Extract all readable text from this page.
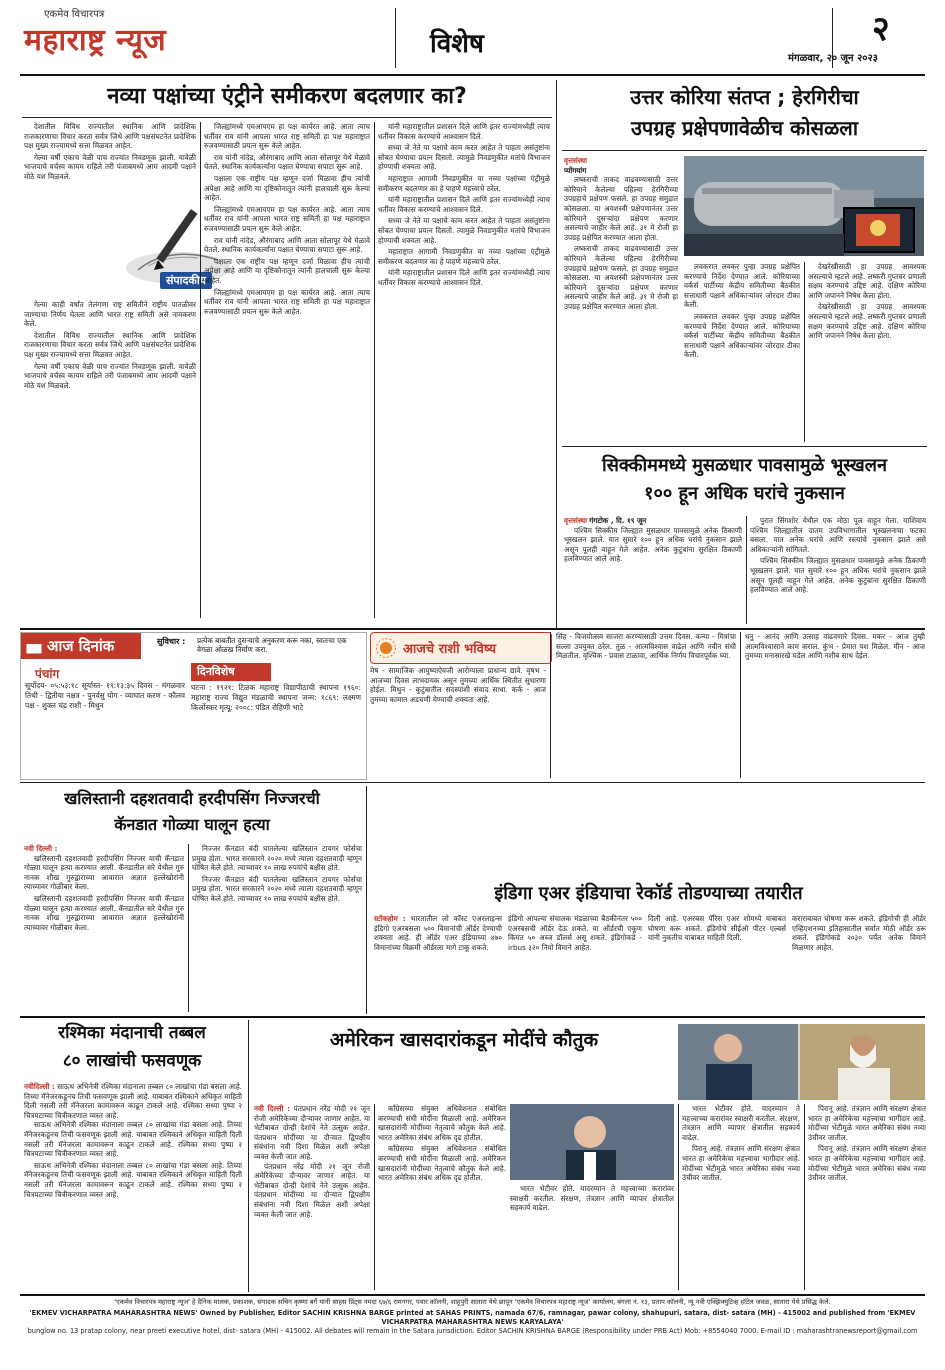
एकमेव विचारपत्र
महाराष्ट्र न्यूज	विशेष	२
मंगळवार, २० जून २०२३
नव्या पक्षांच्या एंट्रीने समीकरण बदलणार का?

देशातील विविध राज्यातील स्थानिक आणि प्रादेशिक राजकारणाचा विचार करता सर्वत्र जिथे आणि पक्षसंघटनेत प्रादेशिक पक्ष मुख्य राज्यामध्ये सत्ता मिळवत आहेत.

गेल्या वर्षी एकाच वेळी पाच राज्यांत निवडणूक झाली. यावेळी भाजपाचे वर्चस्व कायम राहिले तरी पंजाबमध्ये आम आदमी पक्षाने मोठे यश मिळवले.

संपादकीय

गेल्या काही वर्षांत तेलंगणा राष्ट्र समितीने राष्ट्रीय पातळीवर जाण्याचा निर्णय घेतला आणि भारत राष्ट्र समिती असे नामकरण केले.

देशातील विविध राज्यातील स्थानिक आणि प्रादेशिक राजकारणाचा विचार करता सर्वत्र जिथे आणि पक्षसंघटनेत प्रादेशिक पक्ष मुख्य राज्यामध्ये सत्ता मिळवत आहेत.

गेल्या वर्षी एकाच वेळी पाच राज्यांत निवडणूक झाली. यावेळी भाजपाचे वर्चस्व कायम राहिले तरी पंजाबमध्ये आम आदमी पक्षाने मोठे यश मिळवले.

जिल्ह्यांमध्ये एमआयएम हा पक्ष कार्यरत आहे. आता त्याच धर्तीवर राव यांनी आपला भारत राष्ट्र समिती हा पक्ष महाराष्ट्रात रुजवण्यासाठी प्रयत्न सुरू केले आहेत.

राव यांनी नांदेड, औरंगाबाद आणि आता सोलापूर येथे मेळावे घेतले. स्थानिक कार्यकर्त्यांना पक्षात घेण्याचा सपाटा सुरू आहे.

पक्षाला एक राष्ट्रीय पक्ष म्हणून दर्जा मिळावा हीच त्यांची अपेक्षा आहे आणि या दृष्टिकोनातून त्यांनी हालचाली सुरू केल्या आहेत.

जिल्ह्यांमध्ये एमआयएम हा पक्ष कार्यरत आहे. आता त्याच धर्तीवर राव यांनी आपला भारत राष्ट्र समिती हा पक्ष महाराष्ट्रात रुजवण्यासाठी प्रयत्न सुरू केले आहेत.

राव यांनी नांदेड, औरंगाबाद आणि आता सोलापूर येथे मेळावे घेतले. स्थानिक कार्यकर्त्यांना पक्षात घेण्याचा सपाटा सुरू आहे.

पक्षाला एक राष्ट्रीय पक्ष म्हणून दर्जा मिळावा हीच त्यांची अपेक्षा आहे आणि या दृष्टिकोनातून त्यांनी हालचाली सुरू केल्या आहेत.

जिल्ह्यांमध्ये एमआयएम हा पक्ष कार्यरत आहे. आता त्याच धर्तीवर राव यांनी आपला भारत राष्ट्र समिती हा पक्ष महाराष्ट्रात रुजवण्यासाठी प्रयत्न सुरू केले आहेत.

यांनी महाराष्ट्रातील प्रशासन दिले आणि इतर राज्यांमध्येही त्याच धर्तीवर विकास करण्याचे आश्वासन दिले.

सध्या जे नेते या पक्षाचे काम करत आहेत ते पाहता असंतुष्टांना सोबत घेण्याचा प्रयत्न दिसतो. त्यामुळे निवडणुकीत मतांचे विभाजन होण्याची शक्यता आहे.

महाराष्ट्रात आगामी निवडणुकीत या नव्या पक्षांच्या एंट्रीमुळे समीकरण बदलणार का हे पाहणे महत्त्वाचे ठरेल.

यांनी महाराष्ट्रातील प्रशासन दिले आणि इतर राज्यांमध्येही त्याच धर्तीवर विकास करण्याचे आश्वासन दिले.

सध्या जे नेते या पक्षाचे काम करत आहेत ते पाहता असंतुष्टांना सोबत घेण्याचा प्रयत्न दिसतो. त्यामुळे निवडणुकीत मतांचे विभाजन होण्याची शक्यता आहे.

महाराष्ट्रात आगामी निवडणुकीत या नव्या पक्षांच्या एंट्रीमुळे समीकरण बदलणार का हे पाहणे महत्त्वाचे ठरेल.

यांनी महाराष्ट्रातील प्रशासन दिले आणि इतर राज्यांमध्येही त्याच धर्तीवर विकास करण्याचे आश्वासन दिले.

उत्तर कोरिया संतप्त ; हेरगिरीचा
उपग्रह प्रक्षेपणावेळीच कोसळला
वृत्तसंस्था
प्योंगयांग

लष्कराची ताकद वाढवण्यासाठी उत्तर कोरियाने केलेल्या पहिल्या हेरगिरीच्या उपग्रहाचे प्रक्षेपण फसले. हा उपग्रह समुद्रात कोसळला. या अयशस्वी प्रक्षेपणानंतर उत्तर कोरियाने दुसऱ्यांदा प्रक्षेपण करणार असल्याचे जाहीर केले आहे. ३१ मे रोजी हा उपग्रह प्रक्षेपित करण्यात आला होता.

लष्कराची ताकद वाढवण्यासाठी उत्तर कोरियाने केलेल्या पहिल्या हेरगिरीच्या उपग्रहाचे प्रक्षेपण फसले. हा उपग्रह समुद्रात कोसळला. या अयशस्वी प्रक्षेपणानंतर उत्तर कोरियाने दुसऱ्यांदा प्रक्षेपण करणार असल्याचे जाहीर केले आहे. ३१ मे रोजी हा उपग्रह प्रक्षेपित करण्यात आला होता.

लवकरात लवकर पुन्हा उपग्रह प्रक्षेपित करण्याचे निर्देश देण्यात आले. कोरियाच्या वर्कर्स पार्टीच्या केंद्रीय समितीच्या बैठकीत सत्ताधारी पक्षाने अधिकाऱ्यांवर जोरदार टीका केली.

लवकरात लवकर पुन्हा उपग्रह प्रक्षेपित करण्याचे निर्देश देण्यात आले. कोरियाच्या वर्कर्स पार्टीच्या केंद्रीय समितीच्या बैठकीत सत्ताधारी पक्षाने अधिकाऱ्यांवर जोरदार टीका केली.

देखरेखीसाठी हा उपग्रह आवश्यक असल्याचे म्हटले आहे. लष्करी गुप्तचर प्रणाली सक्षम करण्याचे उद्दिष्ट आहे. दक्षिण कोरिया आणि जपानने निषेध केला होता.

देखरेखीसाठी हा उपग्रह आवश्यक असल्याचे म्हटले आहे. लष्करी गुप्तचर प्रणाली सक्षम करण्याचे उद्दिष्ट आहे. दक्षिण कोरिया आणि जपानने निषेध केला होता.

सिक्कीममध्ये मुसळधार पावसामुळे भूस्खलन
१०० हून अधिक घरांचे नुकसान
वृत्तसंस्था गंगटोक , दि. १९ जून

पश्चिम सिक्कीम जिल्ह्यात मुसळधार पावसामुळे अनेक ठिकाणी भूस्खलन झाले. यात सुमारे १०० हून अधिक घरांचे नुकसान झाले असून पूलही वाहून गेले आहेत. अनेक कुटुंबांना सुरक्षित ठिकाणी हलविण्यात आले आहे.

पुरात सिंगशोर येथील एक मोठा पूल वाहून गेला. याशिवाय पश्चिम जिल्ह्यातील दातम उपविभागातील भूस्खलनाचा फटका बसला. यात अनेक घरांचे आणि रस्त्यांचे नुकसान झाले असे अधिकाऱ्यांनी सांगितले.

पश्चिम सिक्कीम जिल्ह्यात मुसळधार पावसामुळे अनेक ठिकाणी भूस्खलन झाले. यात सुमारे १०० हून अधिक घरांचे नुकसान झाले असून पूलही वाहून गेले आहेत. अनेक कुटुंबांना सुरक्षित ठिकाणी हलविण्यात आले आहे.

आज दिनांक	सुविचार : प्रत्येक बाबतीत दुसऱ्याचे अनुकरण करू नका, स्वतःचा एक वेगळा ओळख निर्माण करा.
पंचांग
सूर्योदय- ०५:५३:१८ सूर्यास्त- १९:१३:३५ दिवस - मंगळवार तिथी - द्वितीया नक्षत्र - पुनर्वसु योग - व्याघात करण - कौलव पक्ष - शुक्ल चंद्र राशी - मिथुन
दिनविशेष
घटना : १९२१: टिळक महाराष्ट्र विद्यापीठाची स्थापना १९६०: महाराष्ट्र राज्य विद्युत मंडळाची स्थापना जन्म: १८६९: लक्ष्मण किर्लोस्कर मृत्यू: २००८: पंडित रोहिणी भाटे
आजचे राशी भविष्य
मेष - सामाजिक आयुष्याऐवजी आरोग्याला प्राधान्य द्यावे. वृषभ - आजच्या दिवस लाभदायक असून तुमच्या आर्थिक स्थितीत सुधारणा होईल. मिथुन - कुटुंबातील सदस्यांशी संवाद साधा. कर्क - आज तुमच्या कामात अडचणी येण्याची शक्यता आहे.
सिंह - विजयोत्सव साजरा करण्यासाठी उत्तम दिवस. कन्या - मित्रांचा सल्ला उपयुक्त ठरेल. तुळ - आत्मविश्वास वाढेल आणि नवीन संधी मिळतील. वृश्चिक - प्रवास टाळावा, आर्थिक निर्णय विचारपूर्वक घ्या.
धनु - आनंद आणि उत्साह वाढवणारे दिवस. मकर - आज तुम्ही आत्मविश्वासाने काम कराल. कुंभ - प्रेमात यश मिळेल. मीन - आज तुमच्या मनासारखे घडेल आणि नशीब साथ देईल.
खलिस्तानी दहशतवादी हरदीपसिंग निज्जरची
कॅनडात गोळ्या घालून हत्या
नवी दिल्ली :

खलिस्तानी दहशतवादी हरदीपसिंग निज्जर याची कॅनडात गोळ्या घालून हत्या करण्यात आली. कॅनडातील सरे येथील गुरु नानक शीख गुरुद्वाराच्या आवारात अज्ञात हल्लेखोरांनी त्याच्यावर गोळीबार केला.

खलिस्तानी दहशतवादी हरदीपसिंग निज्जर याची कॅनडात गोळ्या घालून हत्या करण्यात आली. कॅनडातील सरे येथील गुरु नानक शीख गुरुद्वाराच्या आवारात अज्ञात हल्लेखोरांनी त्याच्यावर गोळीबार केला.

निज्जर कॅनडात बंदी घातलेल्या खलिस्तान टायगर फोर्सचा प्रमुख होता. भारत सरकारने २०२० मध्ये त्याला दहशतवादी म्हणून घोषित केले होते. त्याच्यावर १० लाख रुपयांचे बक्षीस होते.

निज्जर कॅनडात बंदी घातलेल्या खलिस्तान टायगर फोर्सचा प्रमुख होता. भारत सरकारने २०२० मध्ये त्याला दहशतवादी म्हणून घोषित केले होते. त्याच्यावर १० लाख रुपयांचे बक्षीस होते.	इंडिगा एअर इंडियाचा रेकॉर्ड तोडण्याच्या तयारीत
स्टॉकहोम : भारतातील लो कॉस्ट एअरलाइन्स इंडिगो एअरबसला ५०० विमानांची ऑर्डर देण्याची शक्यता आहे. ही ऑर्डर एअर इंडियाच्या ४७० विमानांच्या विक्रमी ऑर्डरला मागे टाकू शकते.
इंडिगो आपल्या संचालक मंडळाच्या बैठकीनंतर ५०० एअरबसची ऑर्डर देऊ शकते. या ऑर्डरची एकूण किंमत ५० अब्ज डॉलर्स असू शकते. इंडिगोकडे -irbus ३२० नियो विमाने आहेत.
दिली आहे. एअरबस पॅरिस एअर शोमध्ये याबाबत घोषणा करू शकते. इंडिगोचे सीईओ पीटर एल्बर्स यांनी नुकतीच याबाबत माहिती दिली.
कराराबाबत घोषणा करू शकते. इंडिगोची ही ऑर्डर एव्हिएशनच्या इतिहासातील सर्वात मोठी ऑर्डर ठरू शकते. इंडिगोकडे २०३० पर्यंत अनेक विमाने मिळणार आहेत.
रश्मिका मंदानाची तब्बल
८० लाखांची फसवणूक
नवीदिल्ली : साऊथ अभिनेत्री रश्मिका मंदानाला तब्बल ८० लाखांचा गंडा बसला आहे. तिच्या मॅनेजरकडूनच तिची फसवणूक झाली आहे. याबाबत रश्मिकाने अधिकृत माहिती दिली नसली तरी मॅनेजरला कामावरून काढून टाकले आहे. रश्मिका सध्या पुष्पा २ चित्रपटाच्या चित्रीकरणात व्यस्त आहे.

साऊथ अभिनेत्री रश्मिका मंदानाला तब्बल ८० लाखांचा गंडा बसला आहे. तिच्या मॅनेजरकडूनच तिची फसवणूक झाली आहे. याबाबत रश्मिकाने अधिकृत माहिती दिली नसली तरी मॅनेजरला कामावरून काढून टाकले आहे. रश्मिका सध्या पुष्पा २ चित्रपटाच्या चित्रीकरणात व्यस्त आहे.

साऊथ अभिनेत्री रश्मिका मंदानाला तब्बल ८० लाखांचा गंडा बसला आहे. तिच्या मॅनेजरकडूनच तिची फसवणूक झाली आहे. याबाबत रश्मिकाने अधिकृत माहिती दिली नसली तरी मॅनेजरला कामावरून काढून टाकले आहे. रश्मिका सध्या पुष्पा २ चित्रपटाच्या चित्रीकरणात व्यस्त आहे.

अमेरिकन खासदारांकडून मोदींचे कौतुक
नवी दिल्ली : पंतप्रधान नरेंद्र मोदी २१ जून रोजी अमेरिकेच्या दौऱ्यावर जाणार आहेत. या भेटीबाबत दोन्ही देशांचे नेते उत्सुक आहेत. पंतप्रधान मोदींच्या या दौऱ्यात द्विपक्षीय संबंधांना नवी दिशा मिळेल अशी अपेक्षा व्यक्त केली जात आहे.

पंतप्रधान नरेंद्र मोदी २१ जून रोजी अमेरिकेच्या दौऱ्यावर जाणार आहेत. या भेटीबाबत दोन्ही देशांचे नेते उत्सुक आहेत. पंतप्रधान मोदींच्या या दौऱ्यात द्विपक्षीय संबंधांना नवी दिशा मिळेल अशी अपेक्षा व्यक्त केली जात आहे.

काँग्रेसच्या संयुक्त अधिवेशनात संबोधित करण्याची संधी मोदींना मिळाली आहे. अमेरिकन खासदारांनी मोदींच्या नेतृत्वाचे कौतुक केले आहे. भारत अमेरिका संबंध अधिक दृढ होतील.

काँग्रेसच्या संयुक्त अधिवेशनात संबोधित करण्याची संधी मोदींना मिळाली आहे. अमेरिकन खासदारांनी मोदींच्या नेतृत्वाचे कौतुक केले आहे. भारत अमेरिका संबंध अधिक दृढ होतील.

भारत भेटीवर होते. यादरम्यान ते महत्त्वाच्या करारांवर स्वाक्षरी करतील. संरक्षण, तंत्रज्ञान आणि व्यापार क्षेत्रातील सहकार्य वाढेल.

भारत भेटीवर होते. यादरम्यान ते महत्त्वाच्या करारांवर स्वाक्षरी करतील. संरक्षण, तंत्रज्ञान आणि व्यापार क्षेत्रातील सहकार्य वाढेल.

पिरानू आहे. तंत्रज्ञान आणि संरक्षण क्षेत्रात भारत हा अमेरिकेचा महत्त्वाचा भागीदार आहे. मोदींच्या भेटीमुळे भारत अमेरिका संबंध नव्या उंचीवर जातील.

पिरानू आहे. तंत्रज्ञान आणि संरक्षण क्षेत्रात भारत हा अमेरिकेचा महत्त्वाचा भागीदार आहे. मोदींच्या भेटीमुळे भारत अमेरिका संबंध नव्या उंचीवर जातील.

पिरानू आहे. तंत्रज्ञान आणि संरक्षण क्षेत्रात भारत हा अमेरिकेचा महत्त्वाचा भागीदार आहे. मोदींच्या भेटीमुळे भारत अमेरिका संबंध नव्या उंचीवर जातील.

'एकमेव विचारपत्र महाराष्ट्र न्यूज' हे दैनिक मालक, प्रकाशक, संपादक सचिन कृष्णा बर्गे यांनी साहस प्रिंट्स नमदा ६७/६ रामनगर, पवार कॉलनी, शाहूपुरी सातारा येथे छापून 'एकमेव विचारपत्र महाराष्ट्र न्यूज' कार्यालय, बंगला नं. १३, प्रताप कॉलनी, न्यू नवी एक्झिक्युटिव्ह हॉटेल जवळ, सातारा येथे प्रसिद्ध केले.
'EKMEV VICHARPATRA MAHARASHTRA NEWS' Owned by Publisher, Editor SACHIN KRISHNA BARGE printed at SAHAS PRINTS, namada 67/6, ramnagar, pawar colony, shahupuri, satara, dist- satara (MH) - 415002 and published from 'EKMEV VICHARPATRA MAHARASHTRA NEWS KARYALAYA'
bunglow no. 13 pratap colony, near preeti executive hotel, dist- satara (MH) - 415002. All debates will remain in the Satara jurisdiction. Editor SACHIN KRISHNA BARGE (Responsibility under PRB Act) Mob: +8554040 7000. E-mail ID : maharashtranewsreport@gmail.com
